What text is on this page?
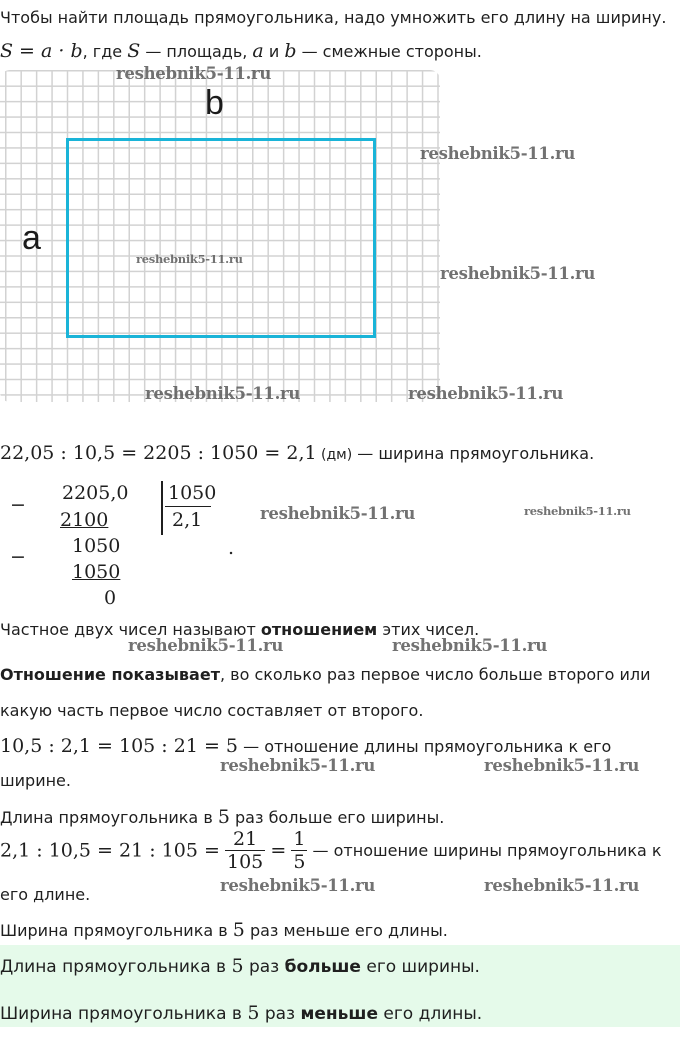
Чтобы найти площадь прямоугольника, надо умножить его длину на ширину.
S = a · b, где S — площадь, a и b — смежные стороны.
b
a
reshebnik5-11.ru
reshebnik5-11.ru
reshebnik5-11.ru
reshebnik5-11.ru
reshebnik5-11.ru	reshebnik5-11.ru
22,05 : 10,5 = 2205 : 1050 = 2,1 (дм) — ширина прямоугольника.
−
2205,0 1050
2,1
2100
− 1050
1050
0
.
reshebnik5-11.ru	reshebnik5-11.ru
Частное двух чисел называют отношением этих чисел.
reshebnik5-11.ru	reshebnik5-11.ru
Отношение показывает, во сколько раз первое число больше второго или
какую часть первое число составляет от второго.
10,5 : 2,1 = 105 : 21 = 5 — отношение длины прямоугольника к его
ширине.
reshebnik5-11.ru	reshebnik5-11.ru
Длина прямоугольника в 5 раз больше его ширины.
2,1 : 10,5 = 21 : $105 = \frac{21}{105} = \frac{1}{5}$ — отношение ширины прямоугольника к
его длине.	reshebnik5-11.ru	reshebnik5-11.ru
Ширина прямоугольника в 5 раз меньше его длины.
Длина прямоугольника в 5 раз больше его ширины.
Ширина прямоугольника в 5 раз меньше его длины.
